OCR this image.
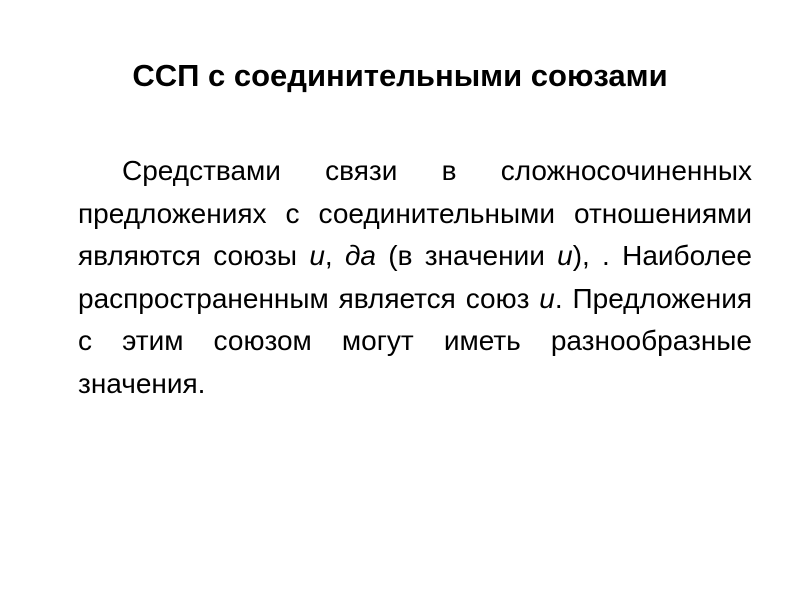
ССП с соединительными союзами

Средствами связи в сложносочиненных предложениях с соединительными отношениями являются союзы и, да (в значении и), . Наиболее распространенным является союз и. Предложения с этим союзом могут иметь разнообразные значения.
